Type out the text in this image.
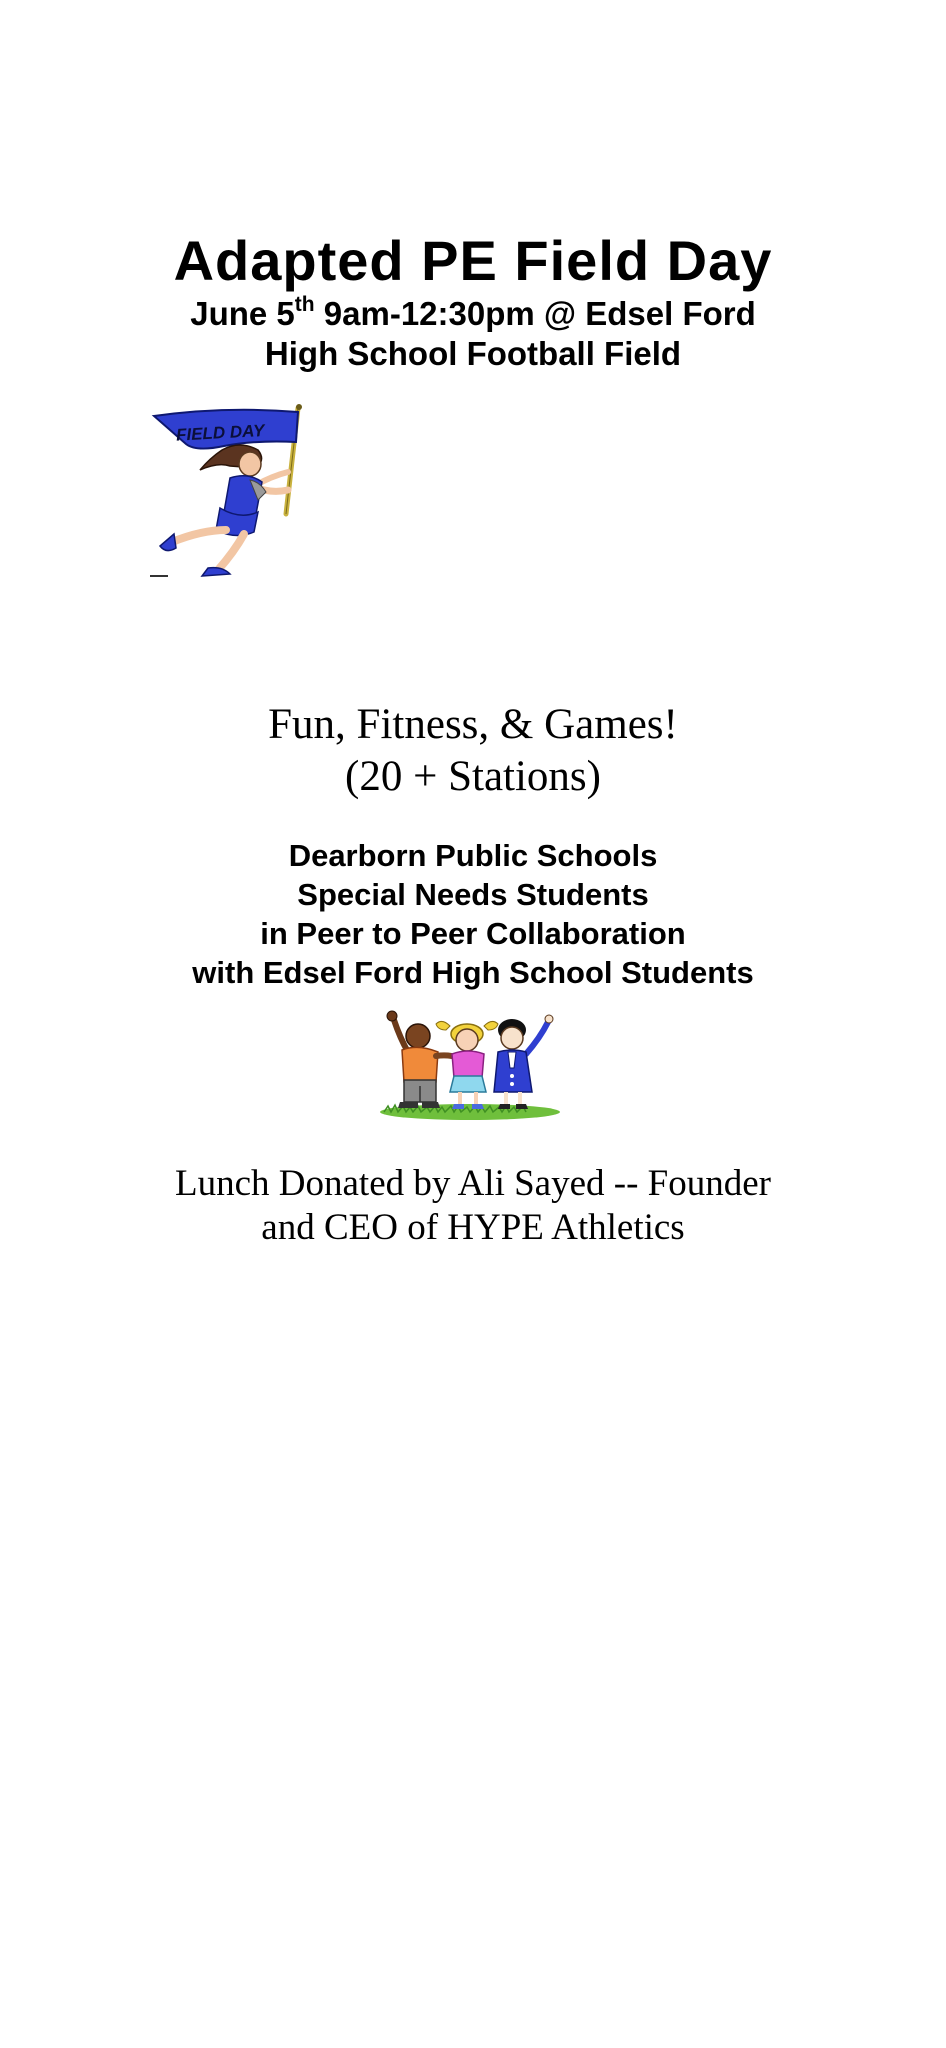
Adapted PE Field Day
June 5th 9am-12:30pm @ Edsel Ford
High School Football Field
FIELD DAY
Fun, Fitness, & Games!
(20 + Stations)
Dearborn Public Schools
Special Needs Students
in Peer to Peer Collaboration
with Edsel Ford High School Students
Lunch Donated by Ali Sayed -- Founder
and CEO of HYPE Athletics
